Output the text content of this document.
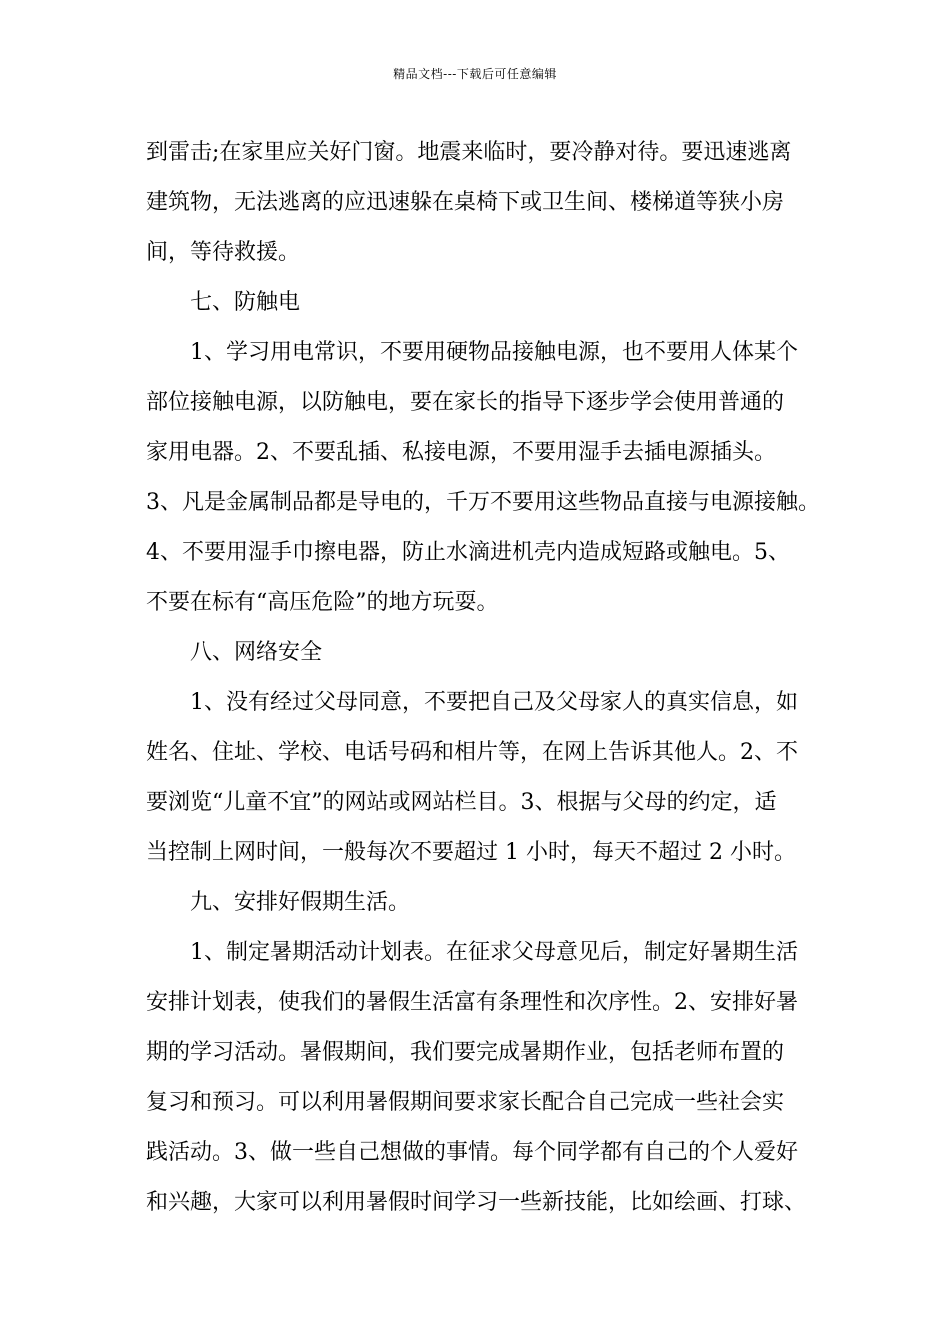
精品文档---下载后可任意编辑
到雷击;在家里应关好门窗。地震来临时，要冷静对待。要迅速逃离
建筑物，无法逃离的应迅速躲在桌椅下或卫生间、楼梯道等狭小房
间，等待救援。
七、防触电
1、学习用电常识，不要用硬物品接触电源，也不要用人体某个
部位接触电源，以防触电，要在家长的指导下逐步学会使用普通的
家用电器。2、不要乱插、私接电源，不要用湿手去插电源插头。
3、凡是金属制品都是导电的，千万不要用这些物品直接与电源接触。
4、不要用湿手巾擦电器，防止水滴进机壳内造成短路或触电。5、
不要在标有“高压危险”的地方玩耍。
八、网络安全
1、没有经过父母同意，不要把自己及父母家人的真实信息，如
姓名、住址、学校、电话号码和相片等，在网上告诉其他人。2、不
要浏览“儿童不宜”的网站或网站栏目。3、根据与父母的约定，适
当控制上网时间，一般每次不要超过 1 小时，每天不超过 2 小时。
九、安排好假期生活。
1、制定暑期活动计划表。在征求父母意见后，制定好暑期生活
安排计划表，使我们的暑假生活富有条理性和次序性。2、安排好暑
期的学习活动。暑假期间，我们要完成暑期作业，包括老师布置的
复习和预习。可以利用暑假期间要求家长配合自己完成一些社会实
践活动。3、做一些自己想做的事情。每个同学都有自己的个人爱好
和兴趣，大家可以利用暑假时间学习一些新技能，比如绘画、打球、
